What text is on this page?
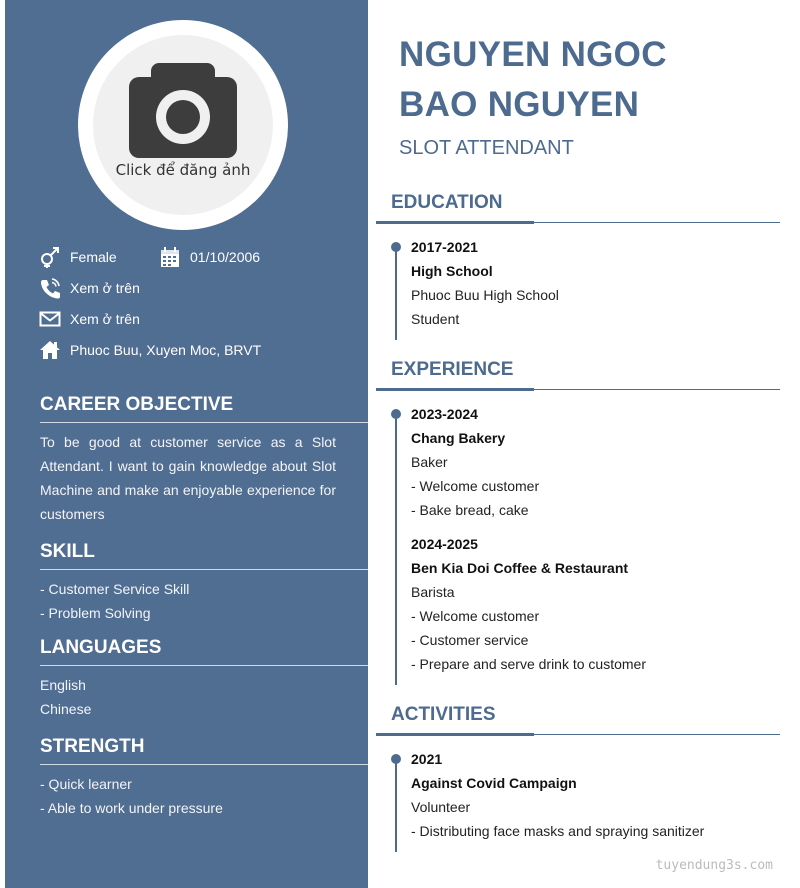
Click để đăng ảnh
Female	01/10/2006
Xem ở trên
Xem ở trên
Phuoc Buu, Xuyen Moc, BRVT
CAREER OBJECTIVE
To be good at customer service as a Slot Attendant. I want to gain knowledge about Slot Machine and make an enjoyable experience for customers
SKILL
- Customer Service Skill
- Problem Solving
LANGUAGES
English
Chinese
STRENGTH
- Quick learner
- Able to work under pressure
NGUYEN NGOC
BAO NGUYEN
SLOT ATTENDANT
EDUCATION
2017-2021
High School
Phuoc Buu High School
Student
EXPERIENCE
2023-2024
Chang Bakery
Baker
- Welcome customer
- Bake bread, cake
2024-2025
Ben Kia Doi Coffee & Restaurant
Barista
- Welcome customer
- Customer service
- Prepare and serve drink to customer
ACTIVITIES
2021
Against Covid Campaign
Volunteer
- Distributing face masks and spraying sanitizer
tuyendung3s.com
